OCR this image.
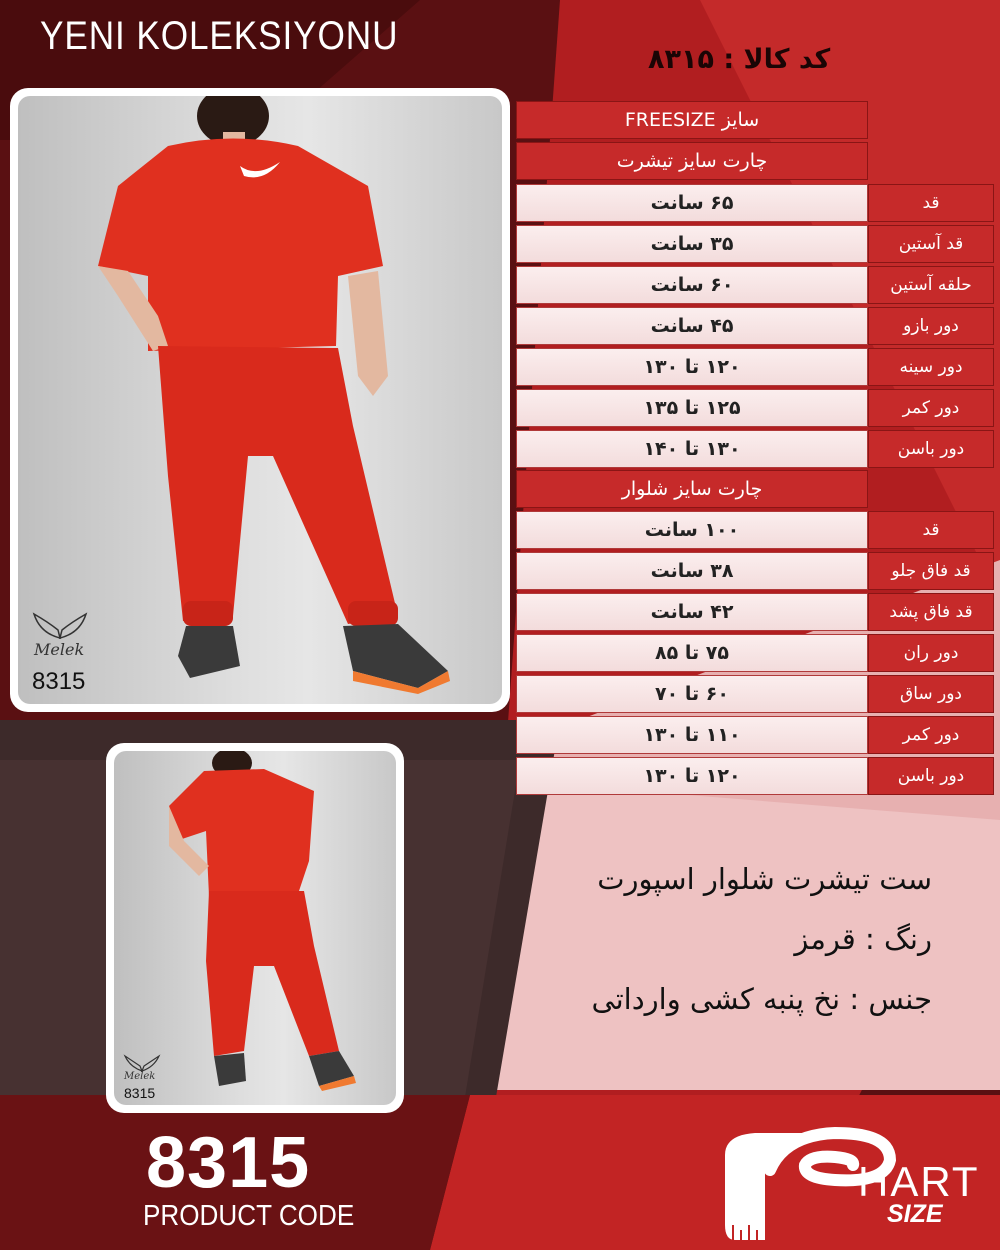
YENI KOLEKSIYONU
کد کالا : ۸۳۱۵
Melek
8315
Melek
8315
سایز FREESIZE
چارت سایز تیشرت
۶۵ سانت	قد
۳۵ سانت	قد آستین
۶۰ سانت	حلقه آستین
۴۵ سانت	دور بازو
۱۲۰ تا ۱۳۰	دور سینه
۱۲۵ تا ۱۳۵	دور کمر
۱۳۰ تا ۱۴۰	دور باسن
چارت سایز شلوار
۱۰۰ سانت	قد
۳۸ سانت	قد فاق جلو
۴۲ سانت	قد فاق پشد
۷۵ تا ۸۵	دور ران
۶۰ تا ۷۰	دور ساق
۱۱۰ تا ۱۳۰	دور کمر
۱۲۰ تا ۱۳۰	دور باسن
ست تیشرت شلوار اسپورت
رنگ : قرمز
جنس : نخ پنبه کشی وارداتی
8315
PRODUCT CODE
HART
SIZE
